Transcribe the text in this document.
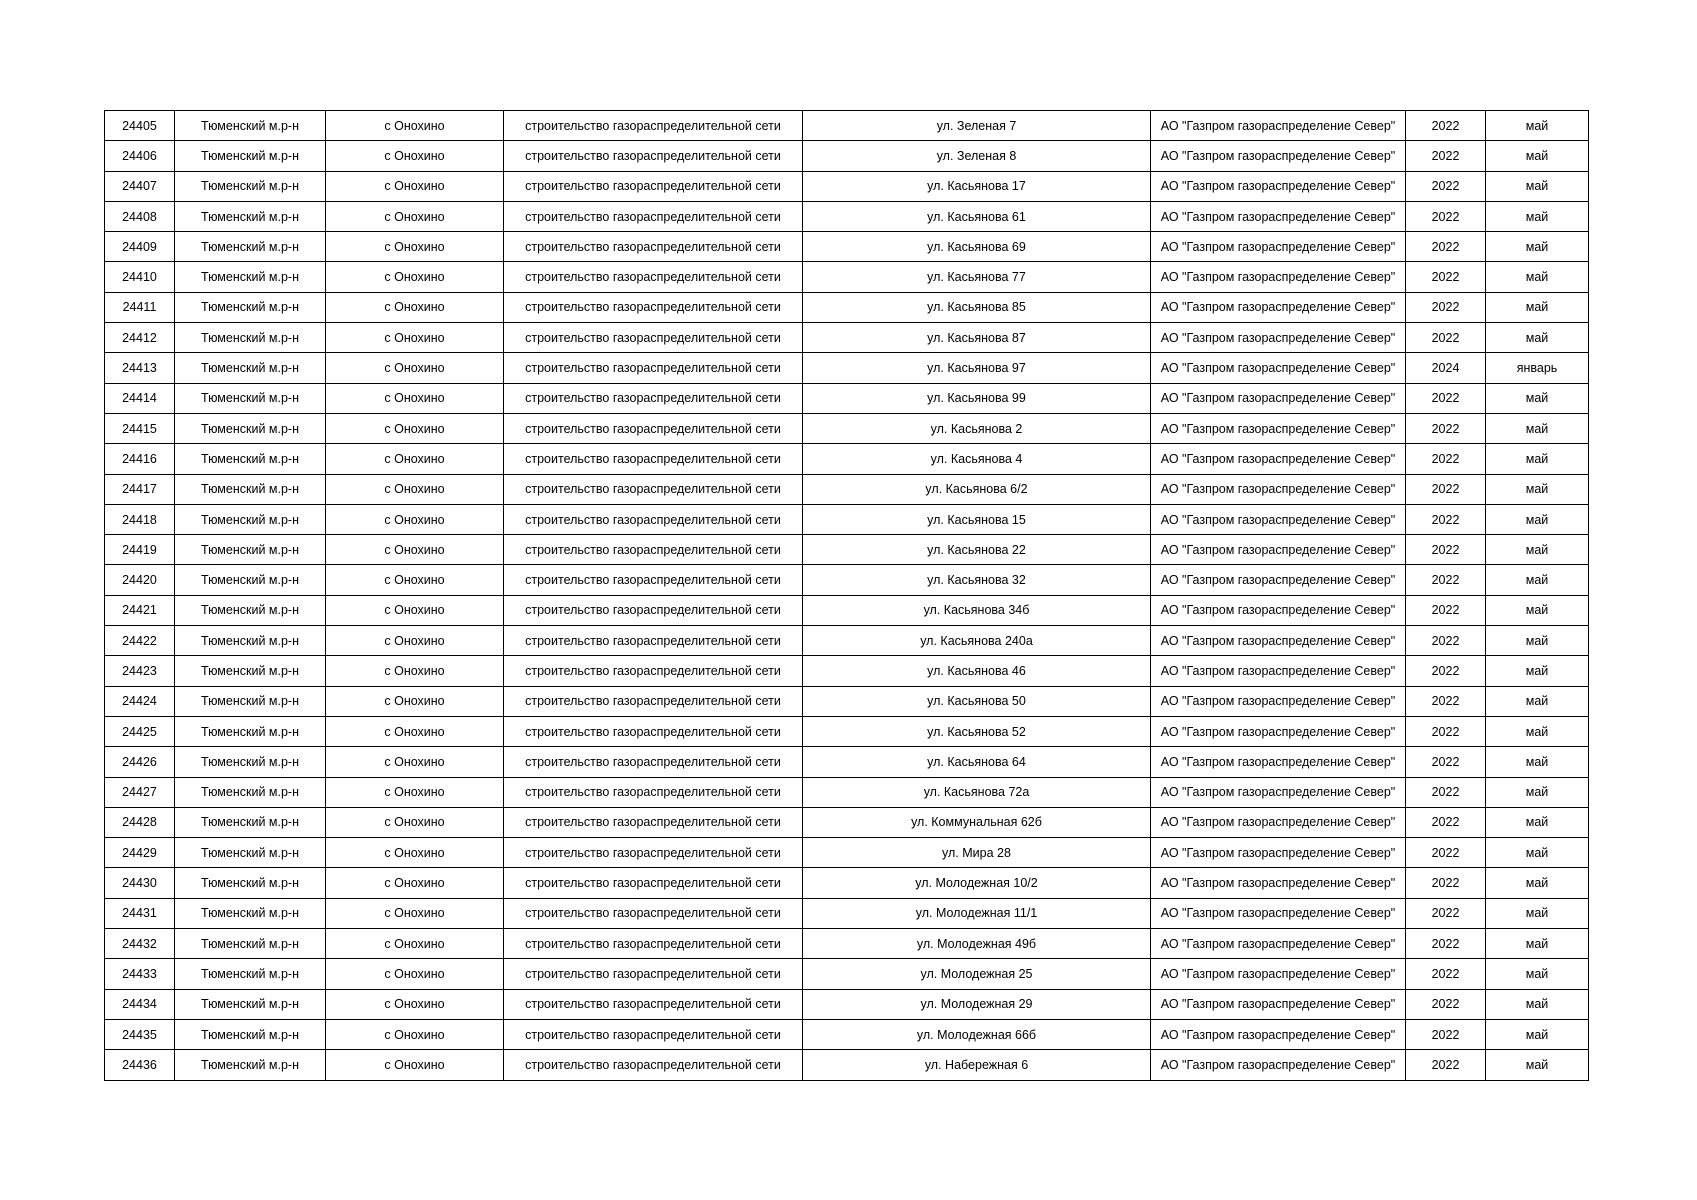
24405	Тюменский м.р-н	с Онохино	строительство газораспределительной сети	ул. Зеленая 7	АО "Газпром газораспределение Север"	2022	май
24406	Тюменский м.р-н	с Онохино	строительство газораспределительной сети	ул. Зеленая 8	АО "Газпром газораспределение Север"	2022	май
24407	Тюменский м.р-н	с Онохино	строительство газораспределительной сети	ул. Касьянова 17	АО "Газпром газораспределение Север"	2022	май
24408	Тюменский м.р-н	с Онохино	строительство газораспределительной сети	ул. Касьянова 61	АО "Газпром газораспределение Север"	2022	май
24409	Тюменский м.р-н	с Онохино	строительство газораспределительной сети	ул. Касьянова 69	АО "Газпром газораспределение Север"	2022	май
24410	Тюменский м.р-н	с Онохино	строительство газораспределительной сети	ул. Касьянова 77	АО "Газпром газораспределение Север"	2022	май
24411	Тюменский м.р-н	с Онохино	строительство газораспределительной сети	ул. Касьянова 85	АО "Газпром газораспределение Север"	2022	май
24412	Тюменский м.р-н	с Онохино	строительство газораспределительной сети	ул. Касьянова 87	АО "Газпром газораспределение Север"	2022	май
24413	Тюменский м.р-н	с Онохино	строительство газораспределительной сети	ул. Касьянова 97	АО "Газпром газораспределение Север"	2024	январь
24414	Тюменский м.р-н	с Онохино	строительство газораспределительной сети	ул. Касьянова 99	АО "Газпром газораспределение Север"	2022	май
24415	Тюменский м.р-н	с Онохино	строительство газораспределительной сети	ул. Касьянова 2	АО "Газпром газораспределение Север"	2022	май
24416	Тюменский м.р-н	с Онохино	строительство газораспределительной сети	ул. Касьянова 4	АО "Газпром газораспределение Север"	2022	май
24417	Тюменский м.р-н	с Онохино	строительство газораспределительной сети	ул. Касьянова 6/2	АО "Газпром газораспределение Север"	2022	май
24418	Тюменский м.р-н	с Онохино	строительство газораспределительной сети	ул. Касьянова 15	АО "Газпром газораспределение Север"	2022	май
24419	Тюменский м.р-н	с Онохино	строительство газораспределительной сети	ул. Касьянова 22	АО "Газпром газораспределение Север"	2022	май
24420	Тюменский м.р-н	с Онохино	строительство газораспределительной сети	ул. Касьянова 32	АО "Газпром газораспределение Север"	2022	май
24421	Тюменский м.р-н	с Онохино	строительство газораспределительной сети	ул. Касьянова 34б	АО "Газпром газораспределение Север"	2022	май
24422	Тюменский м.р-н	с Онохино	строительство газораспределительной сети	ул. Касьянова 240а	АО "Газпром газораспределение Север"	2022	май
24423	Тюменский м.р-н	с Онохино	строительство газораспределительной сети	ул. Касьянова 46	АО "Газпром газораспределение Север"	2022	май
24424	Тюменский м.р-н	с Онохино	строительство газораспределительной сети	ул. Касьянова 50	АО "Газпром газораспределение Север"	2022	май
24425	Тюменский м.р-н	с Онохино	строительство газораспределительной сети	ул. Касьянова 52	АО "Газпром газораспределение Север"	2022	май
24426	Тюменский м.р-н	с Онохино	строительство газораспределительной сети	ул. Касьянова 64	АО "Газпром газораспределение Север"	2022	май
24427	Тюменский м.р-н	с Онохино	строительство газораспределительной сети	ул. Касьянова 72а	АО "Газпром газораспределение Север"	2022	май
24428	Тюменский м.р-н	с Онохино	строительство газораспределительной сети	ул. Коммунальная 62б	АО "Газпром газораспределение Север"	2022	май
24429	Тюменский м.р-н	с Онохино	строительство газораспределительной сети	ул. Мира 28	АО "Газпром газораспределение Север"	2022	май
24430	Тюменский м.р-н	с Онохино	строительство газораспределительной сети	ул. Молодежная 10/2	АО "Газпром газораспределение Север"	2022	май
24431	Тюменский м.р-н	с Онохино	строительство газораспределительной сети	ул. Молодежная 11/1	АО "Газпром газораспределение Север"	2022	май
24432	Тюменский м.р-н	с Онохино	строительство газораспределительной сети	ул. Молодежная 49б	АО "Газпром газораспределение Север"	2022	май
24433	Тюменский м.р-н	с Онохино	строительство газораспределительной сети	ул. Молодежная 25	АО "Газпром газораспределение Север"	2022	май
24434	Тюменский м.р-н	с Онохино	строительство газораспределительной сети	ул. Молодежная 29	АО "Газпром газораспределение Север"	2022	май
24435	Тюменский м.р-н	с Онохино	строительство газораспределительной сети	ул. Молодежная 66б	АО "Газпром газораспределение Север"	2022	май
24436	Тюменский м.р-н	с Онохино	строительство газораспределительной сети	ул. Набережная 6	АО "Газпром газораспределение Север"	2022	май
